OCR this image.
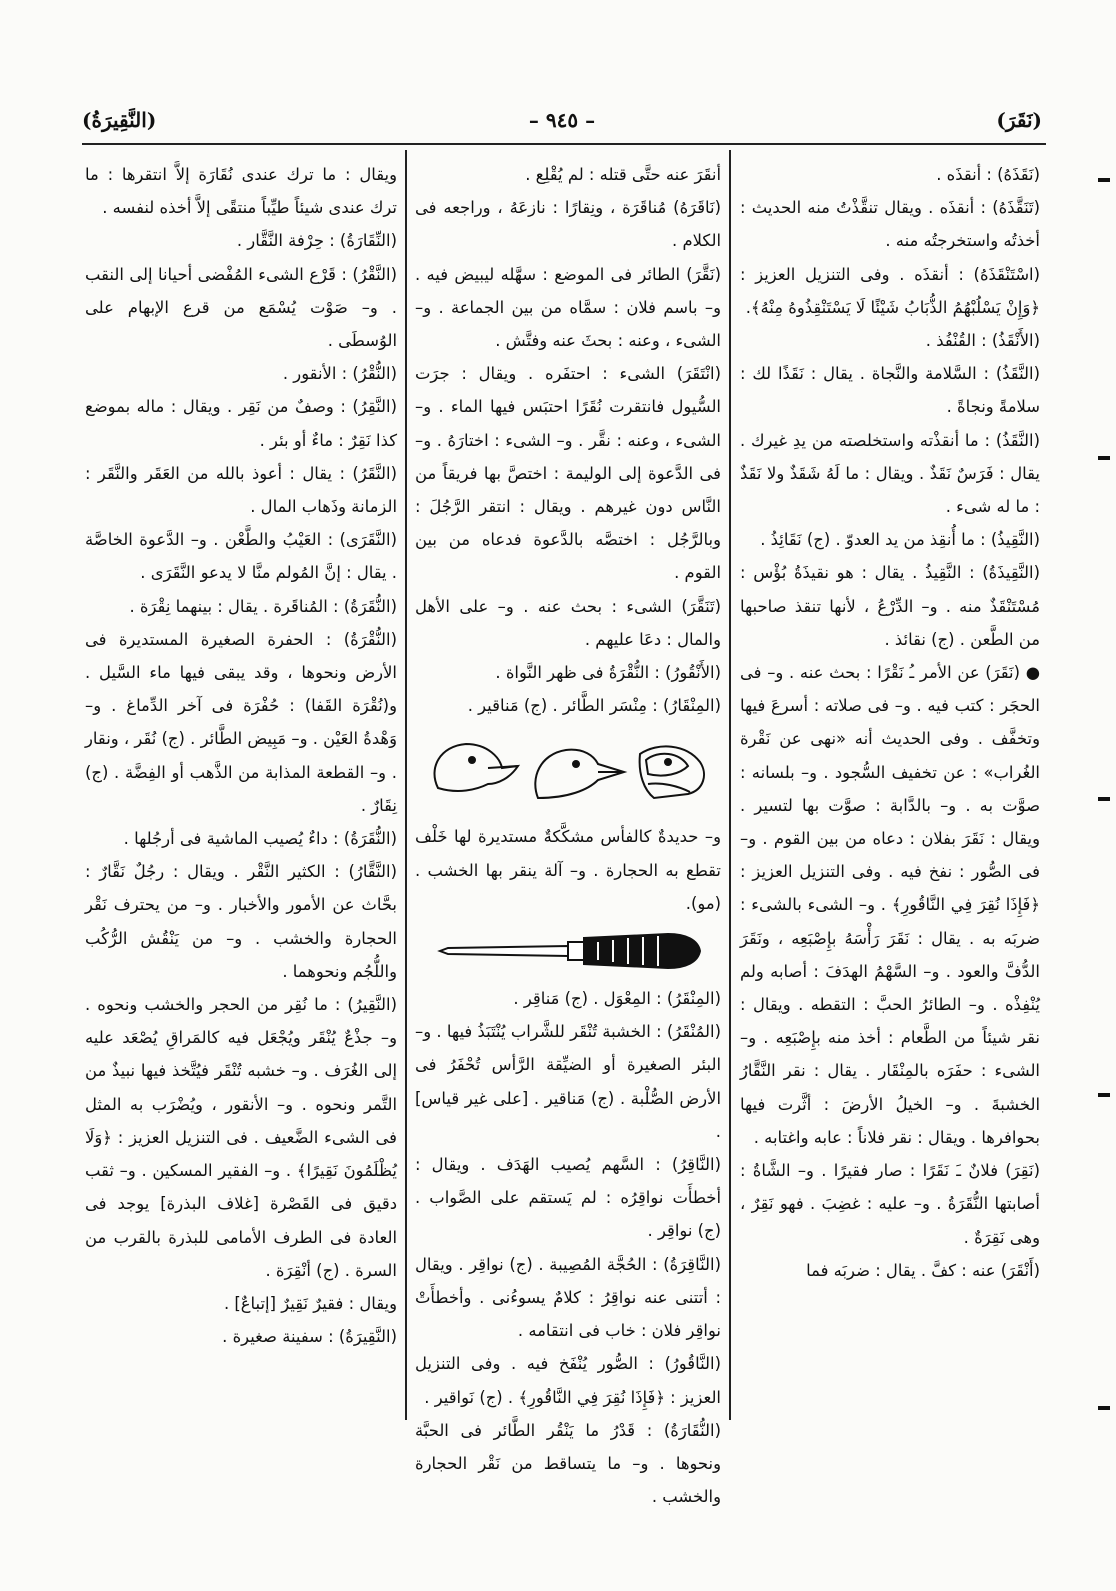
(النَّقِيرَةُ)	– ٩٤٥ –	(نَقَرَ)

(نَقَذَهُ) : أنقذَه .

(تَنَقَّذَهُ) : أنقذَه . ويقال تنقَّذْتُ منه الحديث : أخذتُه واستخرجتُه منه .

(اسْتَنْقَذَهُ) : أنقذَه . وفى التنزيل العزيز : ﴿وَإِنْ يَسْلُبْهُمُ الذُّبَابُ شَيْئًا لَا يَسْتَنْقِذُوهُ مِنْهُ﴾.

(الأَنْقَذُ) : القُنْفُذ .

(النَّقَذُ) : السَّلامة والنَّجاة . يقال : نَقَذًا لك : سلامةً ونجاةً .

(النَّقَذُ) : ما أنقذْته واستخلصته من يدِ غيرك . يقال : فَرَسٌ نَقَذٌ . ويقال : ما لَهُ شَقَذٌ ولا نَقَذٌ : ما له شىء .

(النَّقِيذُ) : ما أُنقِذ من يد العدوّ . (ج) نَقَائِذُ .

(النَّقِيذَةُ) : النَّقِيذُ . يقال : هو نقيذَةُ بُؤْس : مُسْتَنْقَذٌ منه . و– الدِّرْعُ ، لأنها تنقذ صاحبها من الطَّعن . (ج) نقائذ .

● (نَقَرَ) عن الأمر ـُ نَقْرًا : بحث عنه . و– فى الحجَر : كتب فيه . و– فى صلاته : أسرعَ فيها وتخفَّف . وفى الحديث أنه «نهى عن نَقْرة الغُراب» : عن تخفيف السُّجود . و– بلسانه : صوَّت به . و– بالدَّابة : صوَّت بها لتسير . ويقال : نَقَرَ بفلان : دعاه من بين القوم . و– فى الصُّور : نفخ فيه . وفى التنزيل العزيز : ﴿فَإِذَا نُقِرَ فِي النَّاقُورِ﴾ . و– الشىء بالشىء : ضربَه به . يقال : نَقَرَ رَأْسَهُ بإِصْبَعِه ، ونَقَرَ الدُّفَّ والعود . و– السَّهْمُ الهدَفَ : أصابه ولم يُنْفِذْه . و– الطائرُ الحبَّ : التقطه . ويقال : نقر شيئاً من الطَّعام : أخذ منه بإِصْبَعِه . و– الشىء : حفَرَه بالمِنْقَار . يقال : نقر النَّقَّارُ الخشبةَ . و– الخيلُ الأرضَ : أثَّرت فيها بحوافرها . ويقال : نقر فلاناً : عابه واغتابه .

(نَقِرَ) فلانٌ ـَ نَقَرًا : صار فقيرًا . و– الشَّاةُ : أصابتها النُّقَرَةُ . و– عليه : غضِبَ . فهو نَقِرٌ ، وهى نَقِرَةٌ .

(أَنْقَرَ) عنه : كفَّ . يقال : ضربَه فما

أنقَرَ عنه حتَّى قتله : لم يُقْلِع .

(نَاقَرَهُ) مُناقَرَة ، ونِقارًا : نازعَهُ ، وراجعه فى الكلام .

(نَقَّرَ) الطائر فى الموضع : سهَّله ليبيض فيه . و– باسم فلان : سمَّاه من بين الجماعة . و– الشىء ، وعنه : بحثَ عنه وفتَّش .

(انْتَقَرَ) الشىء : احتفَره . ويقال : جرَت السُّيول فانتقرت نُقَرًا احتبَس فيها الماء . و– الشىء ، وعنه : نقَّر . و– الشىء : اختارَهُ . و– فى الدَّعوة إلى الوليمة : اختصَّ بها فريقاً من النَّاس دون غيرهم . ويقال : انتقر الرَّجُلَ : وبالرَّجُل : اختصَّه بالدَّعوة فدعاه من بين القوم .

(تَنَقَّرَ) الشىء : بحث عنه . و– على الأهل والمال : دعَا عليهم .

(الأَنْقُورُ) : النُّقْرَةُ فى ظهر النَّواة .

(المِنْقَارُ) : مِنْسَر الطَّائر . (ج) مَناقير .

و– حديدةٌ كالفأس مشكَّكةٌ مستديرة لها خَلْف تقطع به الحجارة . و– آلة ينقر بها الخشب . (مو).

(المِنْقَرُ) : المِعْوَل . (ج) مَناقِر .

(المُنْقَرُ) : الخشبة تُنْقَر للشَّراب يُنْتَبَذُ فيها . و– البئر الصغيرة أو الضيِّقة الرَّأس تُحْفَرُ فى الأرض الصُّلْبة . (ج) مَناقير . [على غير قياس] .

(النَّاقِرُ) : السَّهم يُصيب الهَدَف . ويقال : أخطأَت نواقِرُه : لم يَستقم على الصَّواب . (ج) نواقِر .

(النَّاقِرَةُ) : الحُجَّة المُصِيبة . (ج) نواقِر . ويقال : أتتنى عنه نواقِرُ : كلامٌ يسوءُنى . وأخطأَتْ نواقِر فلان : خاب فى انتقامه .

(النَّاقُورُ) : الصُّور يُنْفَخ فيه . وفى التنزيل العزيز : ﴿فَإِذَا نُقِرَ فِي النَّاقُورِ﴾ . (ج) نَواقير .

(النُّقَارَةُ) : قَدْرُ ما يَنْقُر الطَّائر فى الحبَّة ونحوها . و– ما يتساقط من نَقْر الحجارة والخشب .

ويقال : ما ترك عندى نُقَارَة إلاَّ انتقرها : ما ترك عندى شيئاً طيِّباً منتقًى إلاَّ أخذه لنفسه .

(النِّقَارَةُ) : حِرْفة النَّقَّار .

(النَّقْرُ) : قَرْع الشىء المُفْضى أحيانا إلى النقب . و– صَوْت يُسْمَع من قرع الإبهام على الوُسطَى .

(النُّقْرُ) : الأنقور .

(النَّقِرُ) : وصفٌ من نَقِر . ويقال : ماله بموضع كذا نَقِرٌ : ماءٌ أو بئر .

(النَّقَرُ) : يقال : أعوذ بالله من العَقَر والنَّقَر : الزمانة وذَهاب المال .

(النَّقَرَى) : العَيْبُ والطَّعْن . و– الدَّعوة الخاصَّة . يقال : إنَّ المُولم منَّا لا يدعو النَّقَرَى .

(النُّقَرَةُ) : المُناقَرة . يقال : بينهما نِقْرَة .

(النُّقْرَةُ) : الحفرة الصغيرة المستديرة فى الأرض ونحوها ، وقد يبقى فيها ماء السَّيل . و(نُقْرَة القَفا) : حُفْرَة فى آخر الدِّماغ . و– وَهْدةُ العَيْن . و– مَبِيض الطَّائر . (ج) نُقَر ، ونقار . و– القطعة المذابة من الذَّهب أو الفِضَّة . (ج) نِقَارٌ .

(النُّقَرَةُ) : داءٌ يُصيب الماشية فى أرجُلها .

(النَّقَّارُ) : الكثير النَّقْر . ويقال : رجُلٌ نَقَّارٌ : بحَّاث عن الأمور والأخبار . و– من يحترف نَقْر الحجارة والخشب . و– من يَنْقُش الرُّكُب واللُّجُم ونحوهما .

(النَّقِيرُ) : ما نُقِر من الحجر والخشب ونحوه . و– جذْعٌ يُنْقَر ويُجْعَل فيه كالمَراقِ يُصْعَد عليه إلى الغُرَف . و– خشبه تُنْقَر فيُتَّخذ فيها نبيذٌ من التَّمر ونحوه . و– الأنقور ، ويُضْرَب به المثل فى الشىء الضَّعيف . فى التنزيل العزيز : ﴿وَلَا يُظْلَمُونَ نَقِيرًا﴾ . و– الفقير المسكين . و– ثقب دقيق فى القَصْرة [غلاف البذرة] يوجد فى العادة فى الطرف الأمامى للبذرة بالقرب من السرة . (ج) أنْقِرَة .

ويقال : فقيرٌ نَقِيرٌ [إتباعٌ] .

(النَّقِيرَةُ) : سفينة صغيرة .
